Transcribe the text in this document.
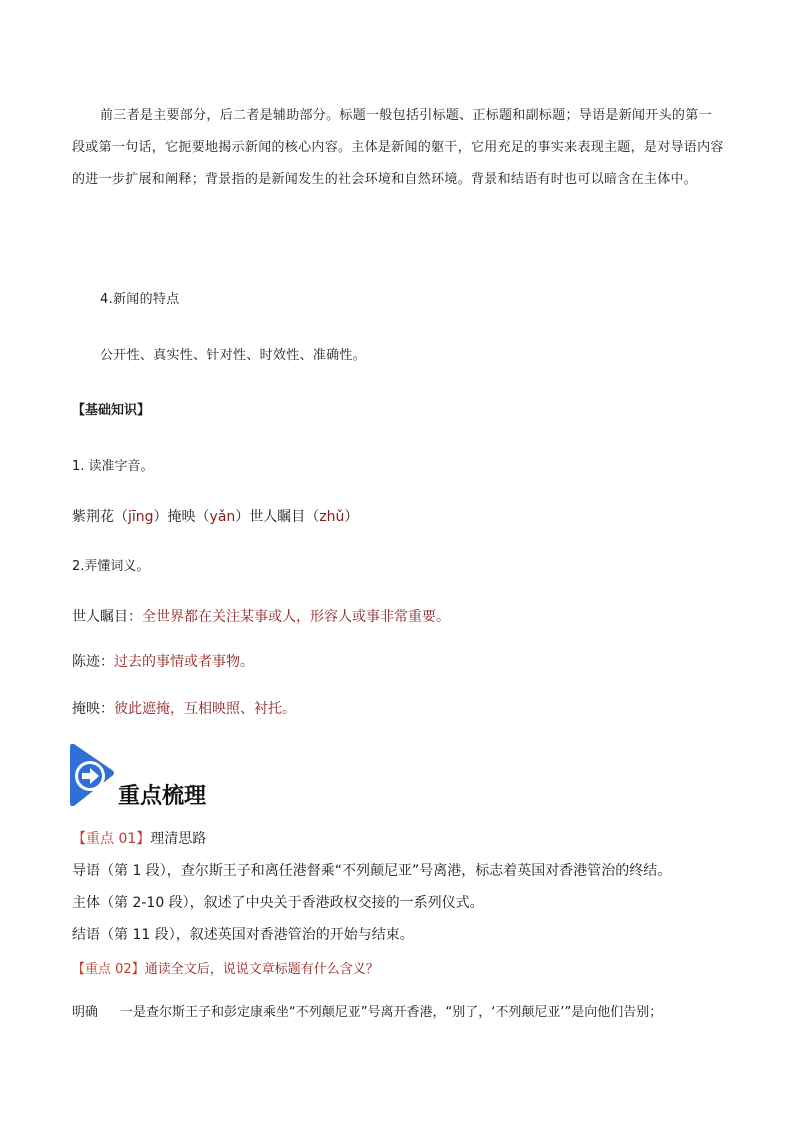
前三者是主要部分，后二者是辅助部分。标题一般包括引标题、正标题和副标题；导语是新闻开头的第一段或第一句话，它扼要地揭示新闻的核心内容。主体是新闻的躯干，它用充足的事实来表现主题，是对导语内容的进一步扩展和阐释；背景指的是新闻发生的社会环境和自然环境。背景和结语有时也可以暗含在主体中。
4.新闻的特点
公开性、真实性、针对性、时效性、准确性。
【基础知识】
1. 读准字音。
紫荆花（jīng）掩映（yǎn）世人瞩目（zhǔ）
2.弄懂词义。
世人瞩目：全世界都在关注某事或人，形容人或事非常重要。
陈迹：过去的事情或者事物。
掩映：彼此遮掩，互相映照、衬托。
重点梳理
【重点 01】理清思路
导语（第 1 段），查尔斯王子和离任港督乘“不列颠尼亚”号离港，标志着英国对香港管治的终结。
主体（第 2-10 段），叙述了中央关于香港政权交接的一系列仪式。
结语（第 11 段），叙述英国对香港管治的开始与结束。
【重点 02】通读全文后，说说文章标题有什么含义？
明确 一是查尔斯王子和彭定康乘坐“不列颠尼亚”号离开香港，“别了，‘不列颠尼亚’”是向他们告别；
